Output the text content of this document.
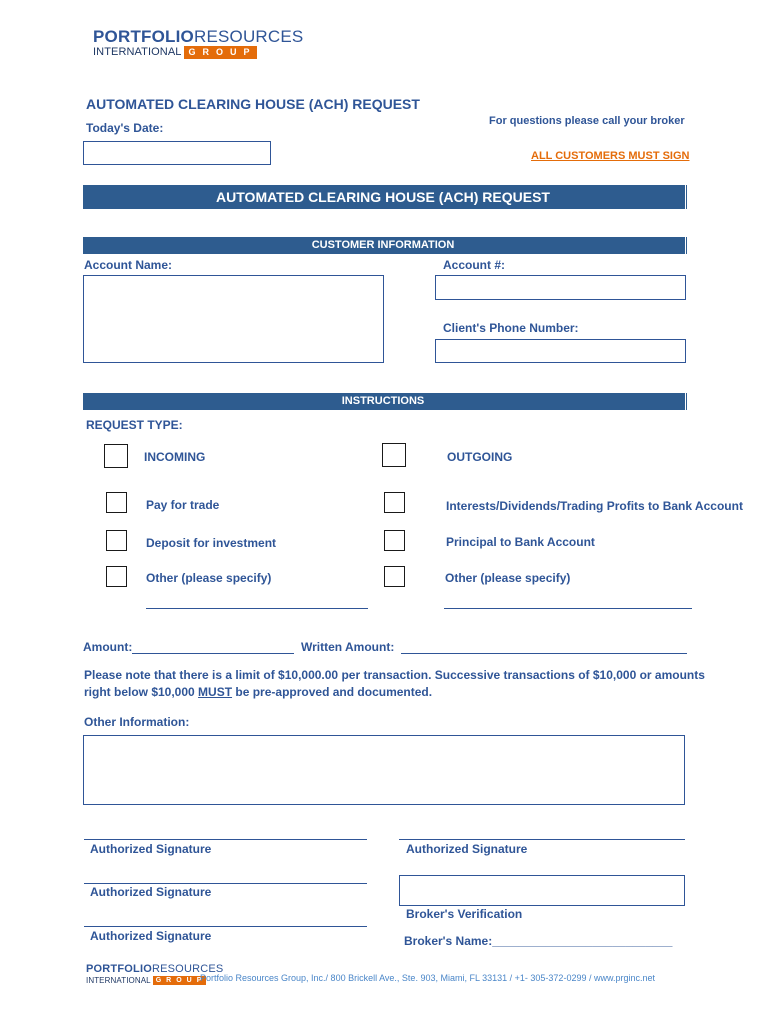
PORTFOLIORESOURCES
INTERNATIONAL GROUP
AUTOMATED CLEARING HOUSE (ACH) REQUEST
Today's Date:	For questions please call your broker
ALL CUSTOMERS MUST SIGN
AUTOMATED CLEARING HOUSE (ACH) REQUEST
CUSTOMER INFORMATION
Account Name:	Account #:
Client's Phone Number:
INSTRUCTIONS
REQUEST TYPE:
INCOMING	OUTGOING
Pay for trade	Interests/Dividends/Trading Profits to Bank Account
Deposit for investment	Principal to Bank Account
Other (please specify)	Other (please specify)
Amount:	Written Amount:
Please note that there is a limit of $10,000.00 per transaction. Successive transactions of $10,000 or amounts right below $10,000 MUST be pre-approved and documented.
Other Information:
Authorized Signature	Authorized Signature
Authorized Signature
Broker's Verification
Authorized Signature	Broker's Name:___________________________
PORTFOLIORESOURCES
INTERNATIONAL GROUP
Portfolio Resources Group, Inc./ 800 Brickell Ave., Ste. 903, Miami, FL 33131 / +1- 305-372-0299 / www.prginc.net
